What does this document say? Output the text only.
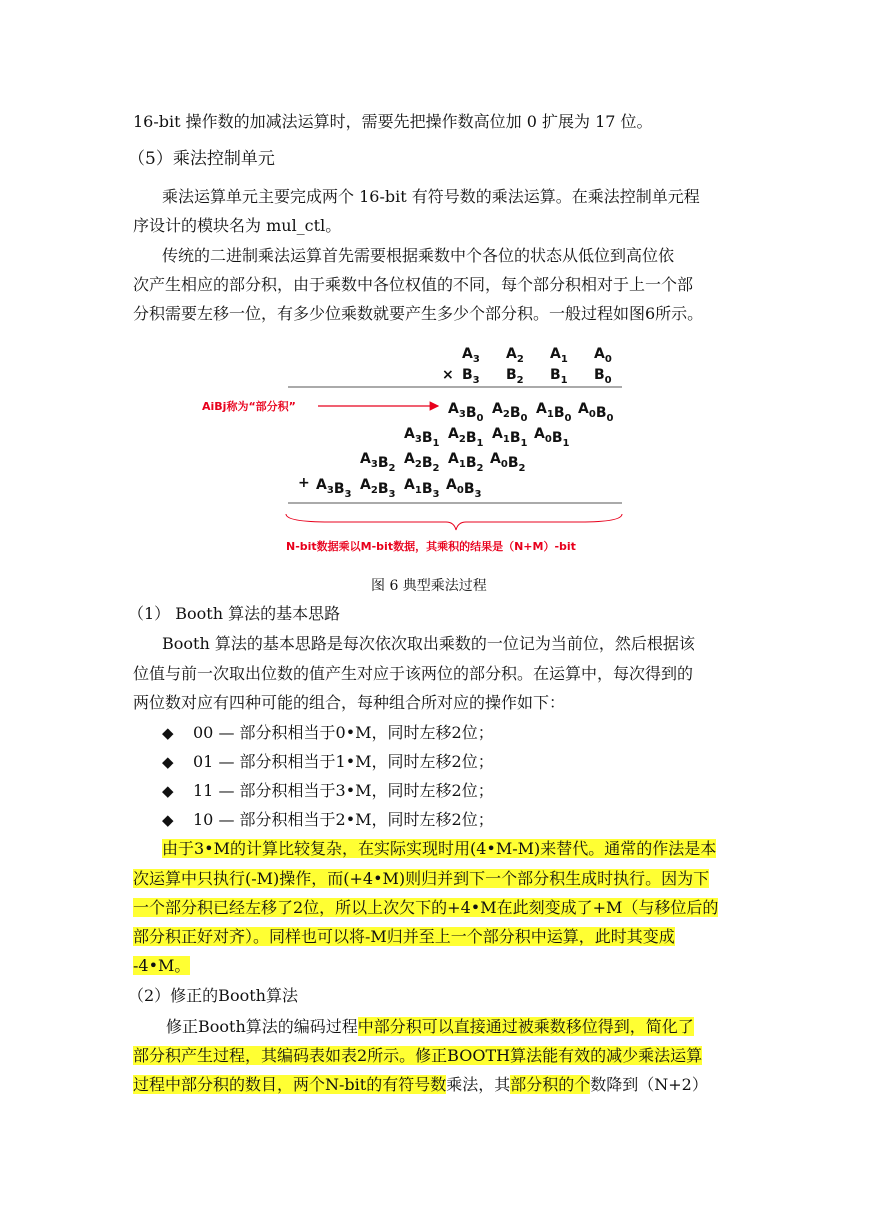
16-bit 操作数的加减法运算时，需要先把操作数高位加 0 扩展为 17 位。
（5）乘法控制单元
乘法运算单元主要完成两个 16-bit 有符号数的乘法运算。在乘法控制单元程
序设计的模块名为 mul_ctl。
传统的二进制乘法运算首先需要根据乘数中个各位的状态从低位到高位依
次产生相应的部分积，由于乘数中各位权值的不同，每个部分积相对于上一个部
分积需要左移一位，有多少位乘数就要产生多少个部分积。一般过程如图6所示。
$A_3$ $A_2$ $A_1$ $A_0$
$B_3$ $B_2$ $B_1$ $B_0$
×
AiBj称为“部分积”	$A_3B_0$
$A_2B_0$
$A_1B_0$
$A_0B_0$
$A_3B_1$
$A_2B_1$
$A_1B_1$
$A_0B_1$
$A_3B_2$
$A_2B_2$
$A_1B_2$
$A_0B_2$
$A_3B_3$
$A_2B_3$
$A_1B_3$
$A_0B_3$
+
N-bit数据乘以M-bit数据，其乘积的结果是（N+M）-bit
图 6 典型乘法过程
（1） Booth 算法的基本思路
Booth 算法的基本思路是每次依次取出乘数的一位记为当前位，然后根据该
位值与前一次取出位数的值产生对应于该两位的部分积。在运算中，每次得到的
两位数对应有四种可能的组合，每种组合所对应的操作如下：
◆ 00 — 部分积相当于0•M，同时左移2位；
◆ 01 — 部分积相当于1•M，同时左移2位；
◆ 11 — 部分积相当于3•M，同时左移2位；
◆ 10 — 部分积相当于2•M，同时左移2位；
由于3•M的计算比较复杂，在实际实现时用(4•M-M)来替代。通常的作法是本
次运算中只执行(-M)操作，而(+4•M)则归并到下一个部分积生成时执行。因为下
一个部分积已经左移了2位，所以上次欠下的+4•M在此刻变成了+M（与移位后的
部分积正好对齐）。同样也可以将-M归并至上一个部分积中运算，此时其变成
-4•M。
（2）修正的Booth算法
修正Booth算法的编码过程中部分积可以直接通过被乘数移位得到，简化了
部分积产生过程，其编码表如表2所示。修正BOOTH算法能有效的减少乘法运算
过程中部分积的数目，两个N-bit的有符号数乘法，其部分积的个数降到（N+2）
